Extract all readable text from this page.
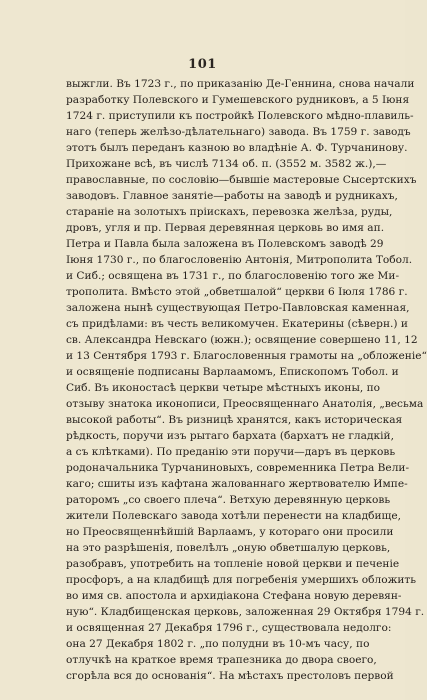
101
выжгли. Въ 1723 г., по приказанію Де-Геннина, снова начали
разработку Полевского и Гумешевского рудниковъ, а 5 Іюня
1724 г. приступили къ постройкѣ Полевского мѣдно-плавиль-
наго (теперь желѣзо-дѣлательнаго) завода. Въ 1759 г. заводъ
этотъ былъ переданъ казною во владѣніе А. Ф. Турчанинову.
Прихожане всѣ, въ числѣ 7134 об. п. (3552 м. 3582 ж.),—
православные, по сословію—бывшіе мастеровые Сысертскихъ
заводовъ. Главное занятіе—работы на заводѣ и рудникахъ,
стараніе на золотыхъ пріискахъ, перевозка желѣза, руды,
дровъ, угля и пр. Первая деревянная церковь во имя ап.
Петра и Павла была заложена въ Полевскомъ заводѣ 29
Іюня 1730 г., по благословенію Антонія, Митрополита Тобол.
и Сиб.; освящена въ 1731 г., по благословенію того же Ми-
трополита. Вмѣсто этой „обветшалой“ церкви 6 Іюля 1786 г.
заложена нынѣ существующая Петро-Павловская каменная,
съ придѣлами: въ честь великомучен. Екатерины (сѣверн.) и
св. Александра Невскаго (южн.); освящение совершено 11, 12
и 13 Сентября 1793 г. Благословенныя грамоты на „обложеніе“
и освященіе подписаны Варлаамомъ, Епископомъ Тобол. и
Сиб. Въ иконостасѣ церкви четыре мѣстныхъ иконы, по
отзыву знатока иконописи, Преосвященнаго Анатолія, „весьма
высокой работы“. Въ ризницѣ хранятся, какъ историческая
рѣдкость, поручи изъ рытаго бархата (бархатъ не гладкій,
а съ клѣтками). По преданію эти поручи—даръ въ церковь
родоначальника Турчаниновыхъ, современника Петра Вели-
каго; сшиты изъ кафтана жалованнаго жертвователю Импе-
раторомъ „со своего плеча“. Ветхую деревянную церковь
жители Полевскаго завода хотѣли перенести на кладбище,
но Преосвященнѣйшій Варлаамъ, у котораго они просили
на это разрѣшенія, повелѣлъ „оную обветшалую церковь,
разобравъ, употребить на топленіе новой церкви и печеніе
просфоръ, а на кладбищѣ для погребенія умершихъ обложить
во имя св. апостола и архидіакона Стефана новую деревян-
ную“. Кладбищенская церковь, заложенная 29 Октября 1794 г.
и освященная 27 Декабря 1796 г., существовала недолго:
она 27 Декабря 1802 г. „по полудни въ 10-мъ часу, по
отлучкѣ на краткое время трапезника до двора своего,
сгорѣла вся до основанія“. На мѣстахъ престоловъ первой
